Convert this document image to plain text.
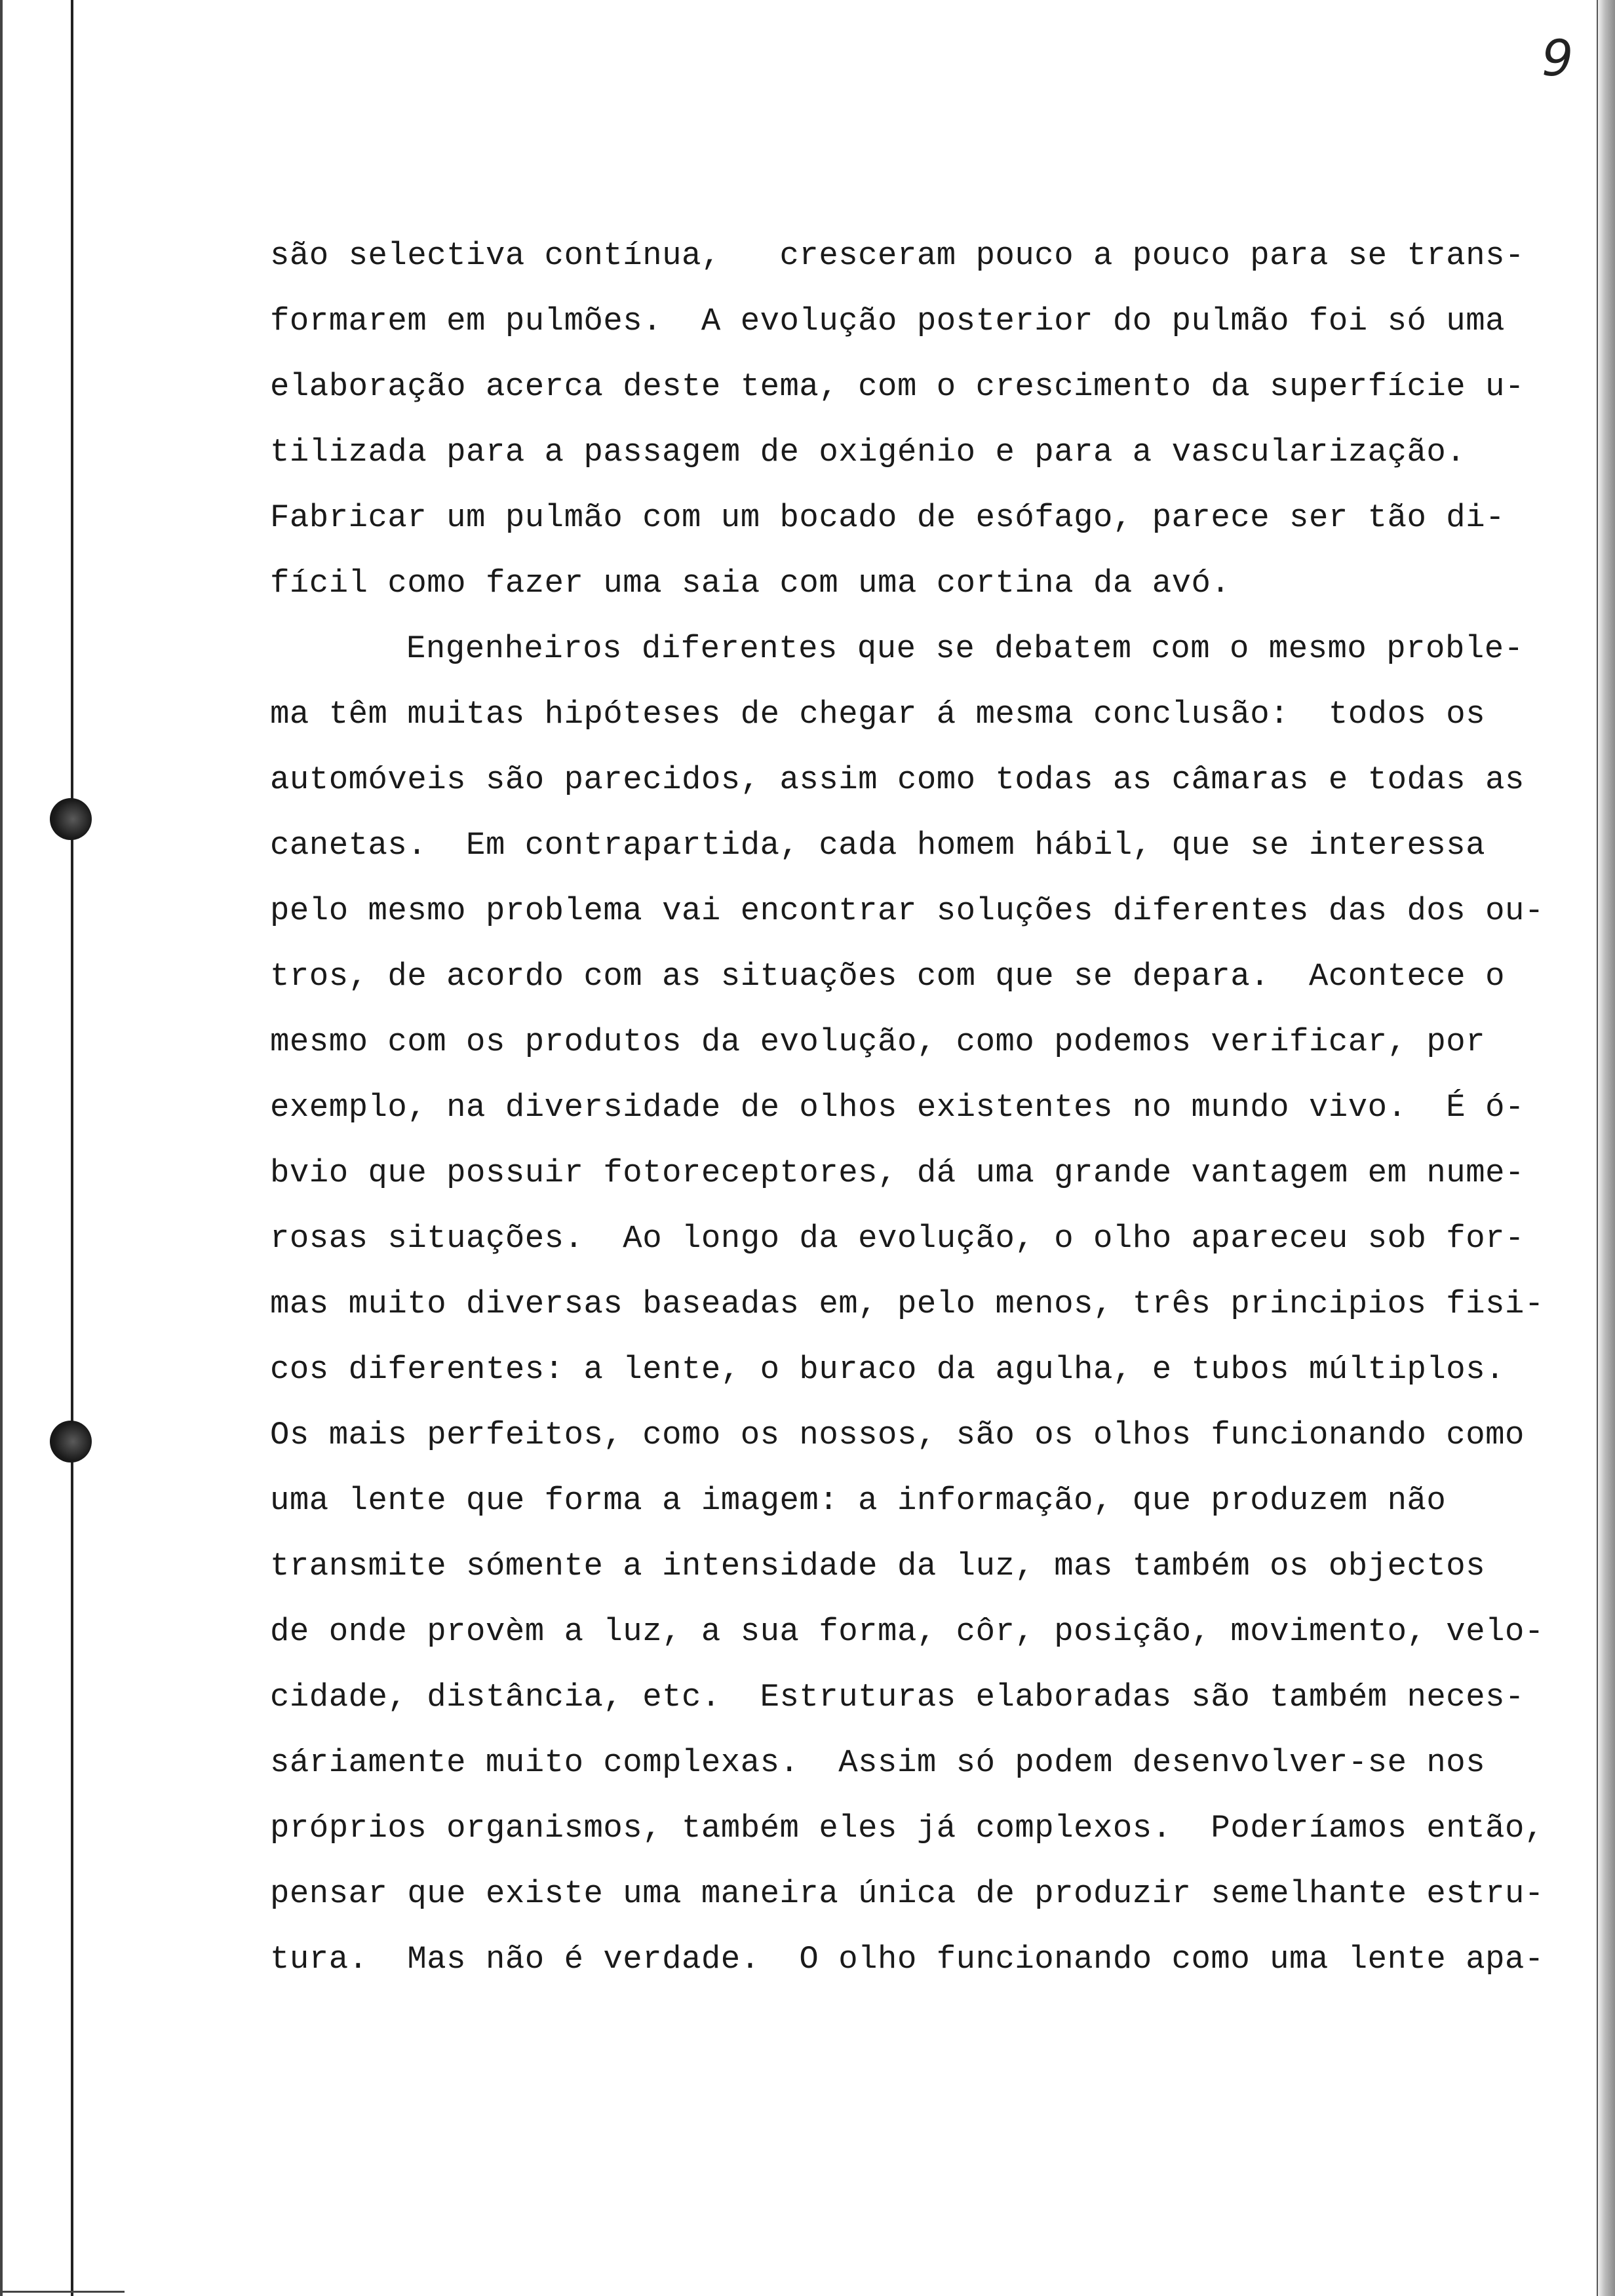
9
são selectiva contínua,   cresceram pouco a pouco para se trans-
formarem em pulmões.  A evolução posterior do pulmão foi só uma
elaboração acerca deste tema, com o crescimento da superfície u-
tilizada para a passagem de oxigénio e para a vascularização.
Fabricar um pulmão com um bocado de esófago, parece ser tão di-
fícil como fazer uma saia com uma cortina da avó.
Engenheiros diferentes que se debatem com o mesmo proble-
ma têm muitas hipóteses de chegar á mesma conclusão:  todos os
automóveis são parecidos, assim como todas as câmaras e todas as
canetas.  Em contrapartida, cada homem hábil, que se interessa
pelo mesmo problema vai encontrar soluções diferentes das dos ou-
tros, de acordo com as situações com que se depara.  Acontece o
mesmo com os produtos da evolução, como podemos verificar, por
exemplo, na diversidade de olhos existentes no mundo vivo.  É ó-
bvio que possuir fotoreceptores, dá uma grande vantagem em nume-
rosas situações.  Ao longo da evolução, o olho apareceu sob for-
mas muito diversas baseadas em, pelo menos, três principios fisi-
cos diferentes: a lente, o buraco da agulha, e tubos múltiplos.
Os mais perfeitos, como os nossos, são os olhos funcionando como
uma lente que forma a imagem: a informação, que produzem não
transmite sómente a intensidade da luz, mas também os objectos
de onde provèm a luz, a sua forma, côr, posição, movimento, velo-
cidade, distância, etc.  Estruturas elaboradas são também neces-
sáriamente muito complexas.  Assim só podem desenvolver-se nos
próprios organismos, também eles já complexos.  Poderíamos então,
pensar que existe uma maneira única de produzir semelhante estru-
tura.  Mas não é verdade.  O olho funcionando como uma lente apa-
